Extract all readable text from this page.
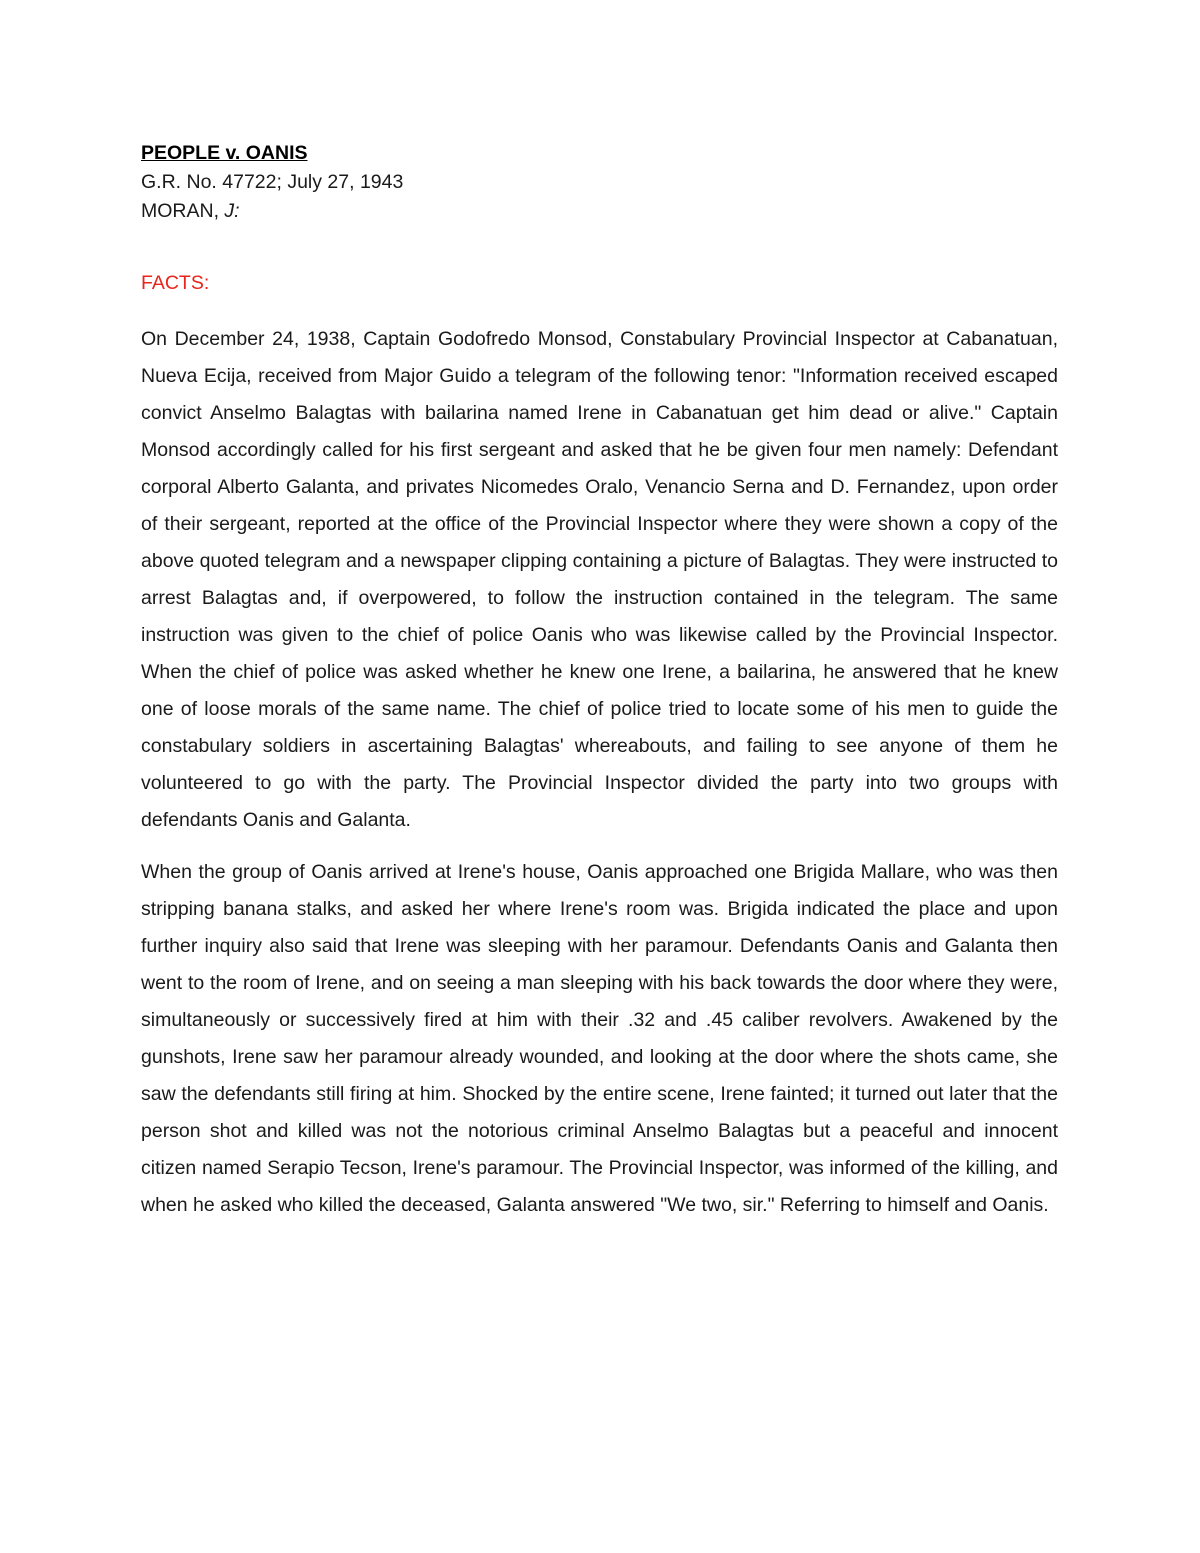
PEOPLE v. OANIS

G.R. No. 47722; July 27, 1943

MORAN, J:

FACTS:

On December 24, 1938, Captain Godofredo Monsod, Constabulary Provincial Inspector at Cabanatuan, Nueva Ecija, received from Major Guido a telegram of the following tenor: "Information received escaped convict Anselmo Balagtas with bailarina named Irene in Cabanatuan get him dead or alive." Captain Monsod accordingly called for his first sergeant and asked that he be given four men namely: Defendant corporal Alberto Galanta, and privates Nicomedes Oralo, Venancio Serna and D. Fernandez, upon order of their sergeant, reported at the office of the Provincial Inspector where they were shown a copy of the above quoted telegram and a newspaper clipping containing a picture of Balagtas. They were instructed to arrest Balagtas and, if overpowered, to follow the instruction contained in the telegram. The same instruction was given to the chief of police Oanis who was likewise called by the Provincial Inspector. When the chief of police was asked whether he knew one Irene, a bailarina, he answered that he knew one of loose morals of the same name. The chief of police tried to locate some of his men to guide the constabulary soldiers in ascertaining Balagtas' whereabouts, and failing to see anyone of them he volunteered to go with the party. The Provincial Inspector divided the party into two groups with defendants Oanis and Galanta.

When the group of Oanis arrived at Irene's house, Oanis approached one Brigida Mallare, who was then stripping banana stalks, and asked her where Irene's room was. Brigida indicated the place and upon further inquiry also said that Irene was sleeping with her paramour. Defendants Oanis and Galanta then went to the room of Irene, and on seeing a man sleeping with his back towards the door where they were, simultaneously or successively fired at him with their .32 and .45 caliber revolvers. Awakened by the gunshots, Irene saw her paramour already wounded, and looking at the door where the shots came, she saw the defendants still firing at him. Shocked by the entire scene, Irene fainted; it turned out later that the person shot and killed was not the notorious criminal Anselmo Balagtas but a peaceful and innocent citizen named Serapio Tecson, Irene's paramour. The Provincial Inspector, was informed of the killing, and when he asked who killed the deceased, Galanta answered "We two, sir." Referring to himself and Oanis.
